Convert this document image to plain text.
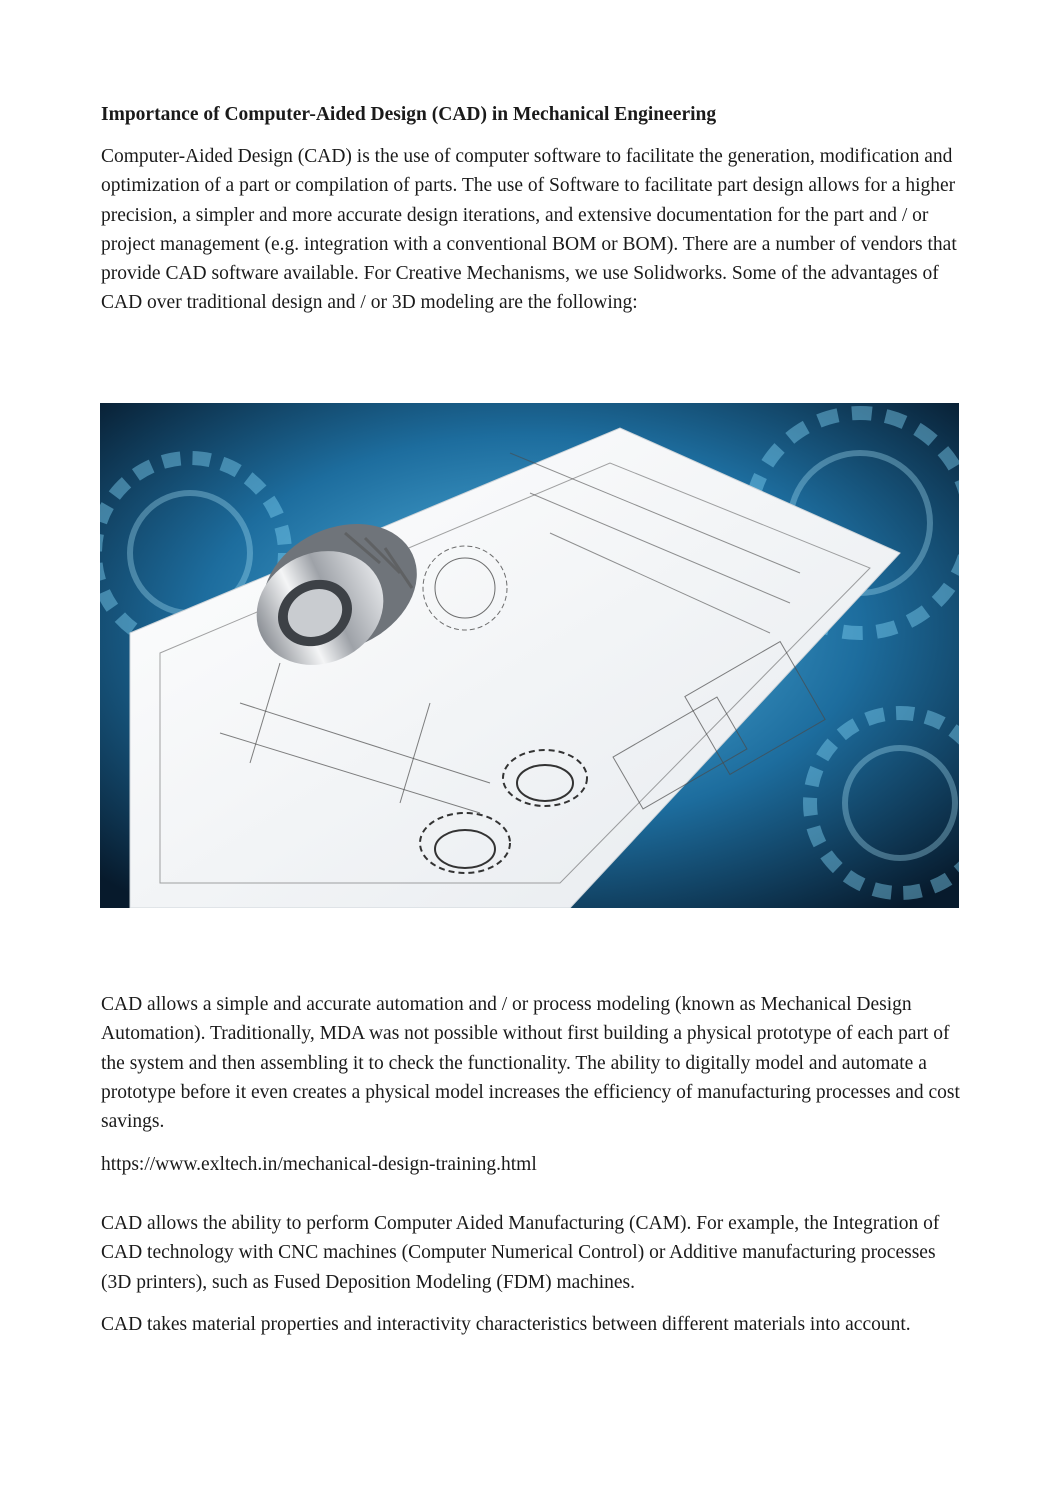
Importance of Computer-Aided Design (CAD) in Mechanical Engineering

Computer-Aided Design (CAD) is the use of computer software to facilitate the generation, modification and optimization of a part or compilation of parts. The use of Software to facilitate part design allows for a higher precision, a simpler and more accurate design iterations, and extensive documentation for the part and / or project management (e.g. integration with a conventional BOM or BOM). There are a number of vendors that provide CAD software available. For Creative Mechanisms, we use Solidworks. Some of the advantages of CAD over traditional design and / or 3D modeling are the following:

CAD allows a simple and accurate automation and / or process modeling (known as Mechanical Design Automation). Traditionally, MDA was not possible without first building a physical prototype of each part of the system and then assembling it to check the functionality. The ability to digitally model and automate a prototype before it even creates a physical model increases the efficiency of manufacturing processes and cost savings.

https://www.exltech.in/mechanical-design-training.html

CAD allows the ability to perform Computer Aided Manufacturing (CAM). For example, the Integration of CAD technology with CNC machines (Computer Numerical Control) or Additive manufacturing processes (3D printers), such as Fused Deposition Modeling (FDM) machines.

CAD takes material properties and interactivity characteristics between different materials into account.
